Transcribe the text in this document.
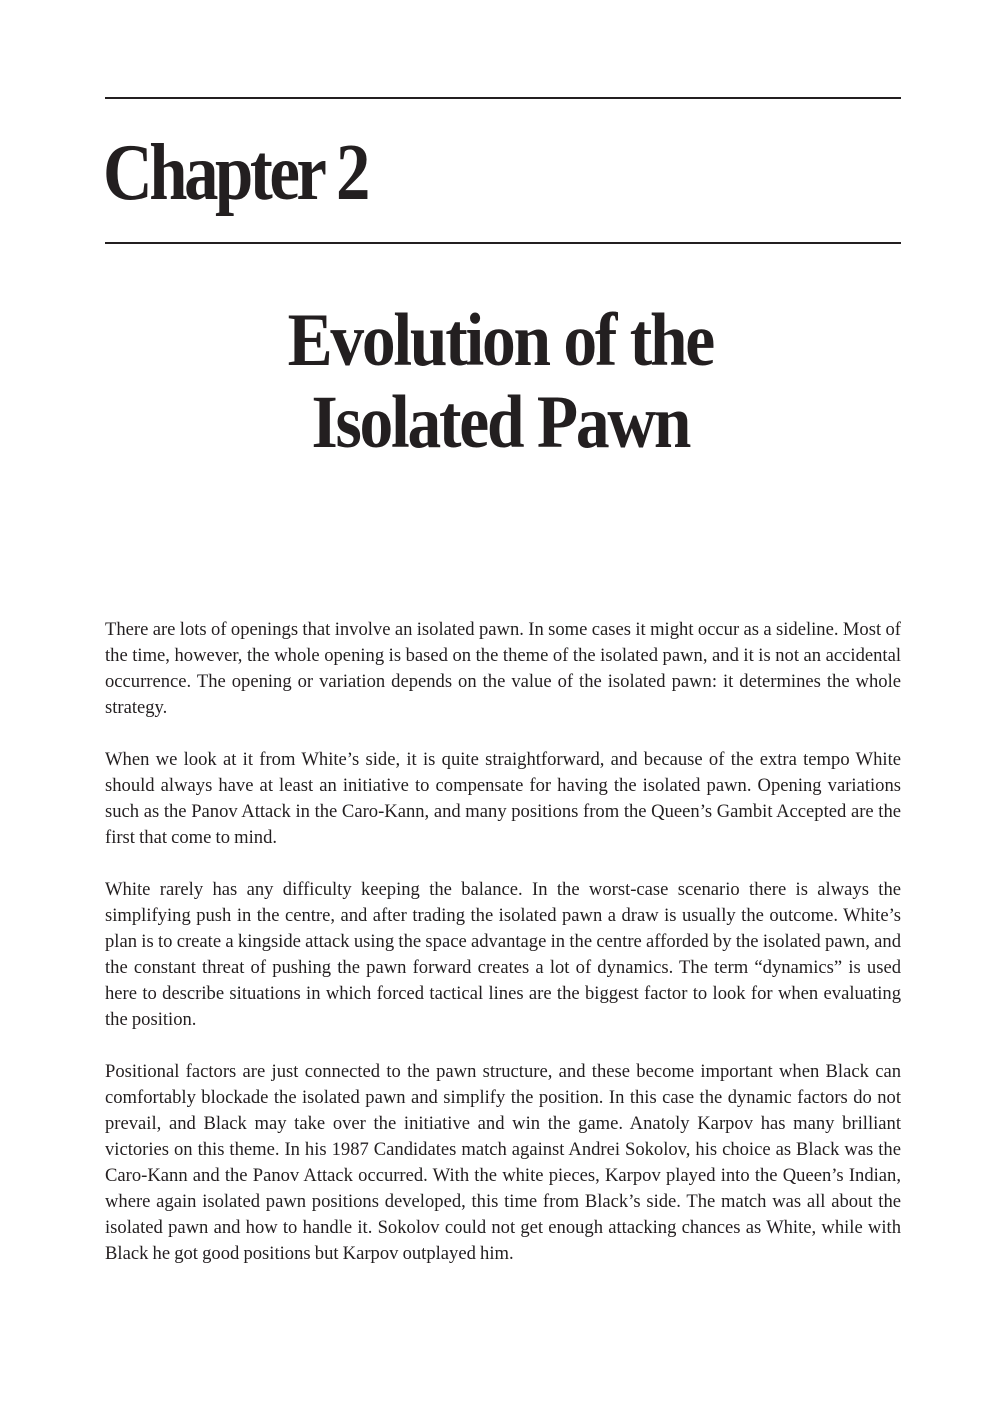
Chapter 2
Evolution of the
Isolated Pawn

There are lots of openings that involve an isolated pawn. In some cases it might occur as a sideline. Most of the time, however, the whole opening is based on the theme of the isolated pawn, and it is not an accidental occurrence. The opening or variation depends on the value of the isolated pawn: it determines the whole strategy.

When we look at it from White’s side, it is quite straightforward, and because of the extra tempo White should always have at least an initiative to compensate for having the isolated pawn. Opening variations such as the Panov Attack in the Caro-Kann, and many positions from the Queen’s Gambit Accepted are the first that come to mind.

White rarely has any difficulty keeping the balance. In the worst-case scenario there is always the simplifying push in the centre, and after trading the isolated pawn a draw is usually the outcome. White’s plan is to create a kingside attack using the space advantage in the centre afforded by the isolated pawn, and the constant threat of pushing the pawn forward creates a lot of dynamics. The term “dynamics” is used here to describe situations in which forced tactical lines are the biggest factor to look for when evaluating the position.

Positional factors are just connected to the pawn structure, and these become important when Black can comfortably blockade the isolated pawn and simplify the position. In this case the dynamic factors do not prevail, and Black may take over the initiative and win the game. Anatoly Karpov has many brilliant victories on this theme. In his 1987 Candidates match against Andrei Sokolov, his choice as Black was the Caro-Kann and the Panov Attack occurred. With the white pieces, Karpov played into the Queen’s Indian, where again isolated pawn positions developed, this time from Black’s side. The match was all about the isolated pawn and how to handle it. Sokolov could not get enough attacking chances as White, while with Black he got good positions but Karpov outplayed him.
